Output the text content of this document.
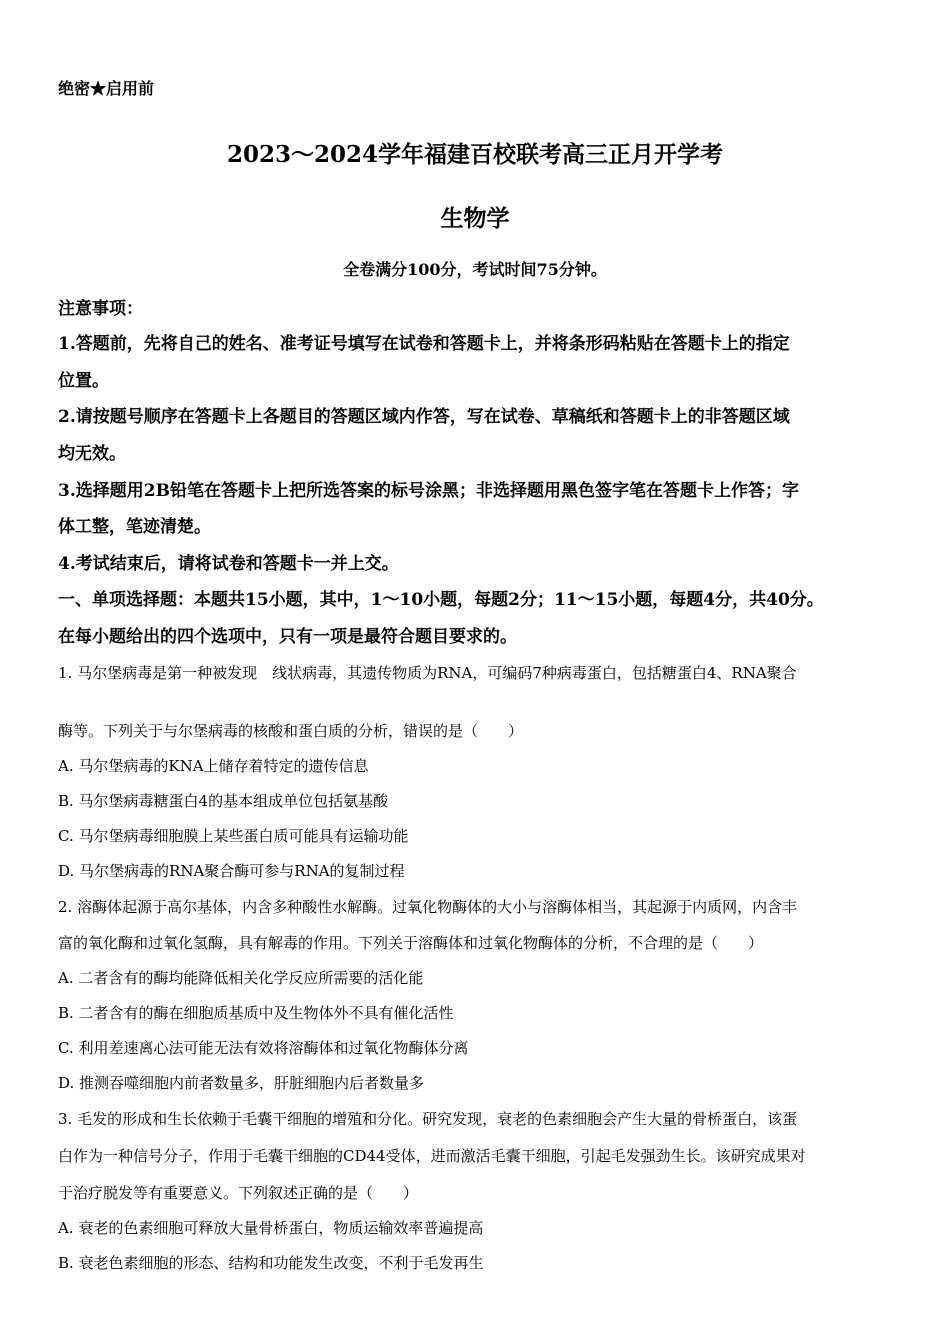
绝密★启用前
2023～2024学年福建百校联考高三正月开学考
生物学
全卷满分100分，考试时间75分钟。
注意事项：
1.答题前，先将自己的姓名、准考证号填写在试卷和答题卡上，并将条形码粘贴在答题卡上的指定
位置。
2.请按题号顺序在答题卡上各题目的答题区域内作答，写在试卷、草稿纸和答题卡上的非答题区域
均无效。
3.选择题用2B铅笔在答题卡上把所选答案的标号涂黑；非选择题用黑色签字笔在答题卡上作答；字
体工整，笔迹清楚。
4.考试结束后，请将试卷和答题卡一并上交。
一、单项选择题：本题共15小题，其中，1～10小题，每题2分；11～15小题，每题4分，共40分。
在每小题给出的四个选项中，只有一项是最符合题目要求的。
1. 马尔堡病毒是第一种被发现　线状病毒，其遗传物质为RNA，可编码7种病毒蛋白，包括糖蛋白4、RNA聚合
酶等。下列关于与尔堡病毒的核酸和蛋白质的分析，错误的是（　　）
A. 马尔堡病毒的KNA上储存着特定的遗传信息
B. 马尔堡病毒糖蛋白4的基本组成单位包括氨基酸
C. 马尔堡病毒细胞膜上某些蛋白质可能具有运输功能
D. 马尔堡病毒的RNA聚合酶可参与RNA的复制过程
2. 溶酶体起源于高尔基体，内含多种酸性水解酶。过氧化物酶体的大小与溶酶体相当，其起源于内质网，内含丰
富的氧化酶和过氧化氢酶，具有解毒的作用。下列关于溶酶体和过氧化物酶体的分析，不合理的是（　　）
A. 二者含有的酶均能降低相关化学反应所需要的活化能
B. 二者含有的酶在细胞质基质中及生物体外不具有催化活性
C. 利用差速离心法可能无法有效将溶酶体和过氧化物酶体分离
D. 推测吞噬细胞内前者数量多，肝脏细胞内后者数量多
3. 毛发的形成和生长依赖于毛囊干细胞的增殖和分化。研究发现，衰老的色素细胞会产生大量的骨桥蛋白，该蛋
白作为一种信号分子，作用于毛囊干细胞的CD44受体，进而激活毛囊干细胞，引起毛发强劲生长。该研究成果对
于治疗脱发等有重要意义。下列叙述正确的是（　　）
A. 衰老的色素细胞可释放大量骨桥蛋白，物质运输效率普遍提高
B. 衰老色素细胞的形态、结构和功能发生改变，不利于毛发再生
